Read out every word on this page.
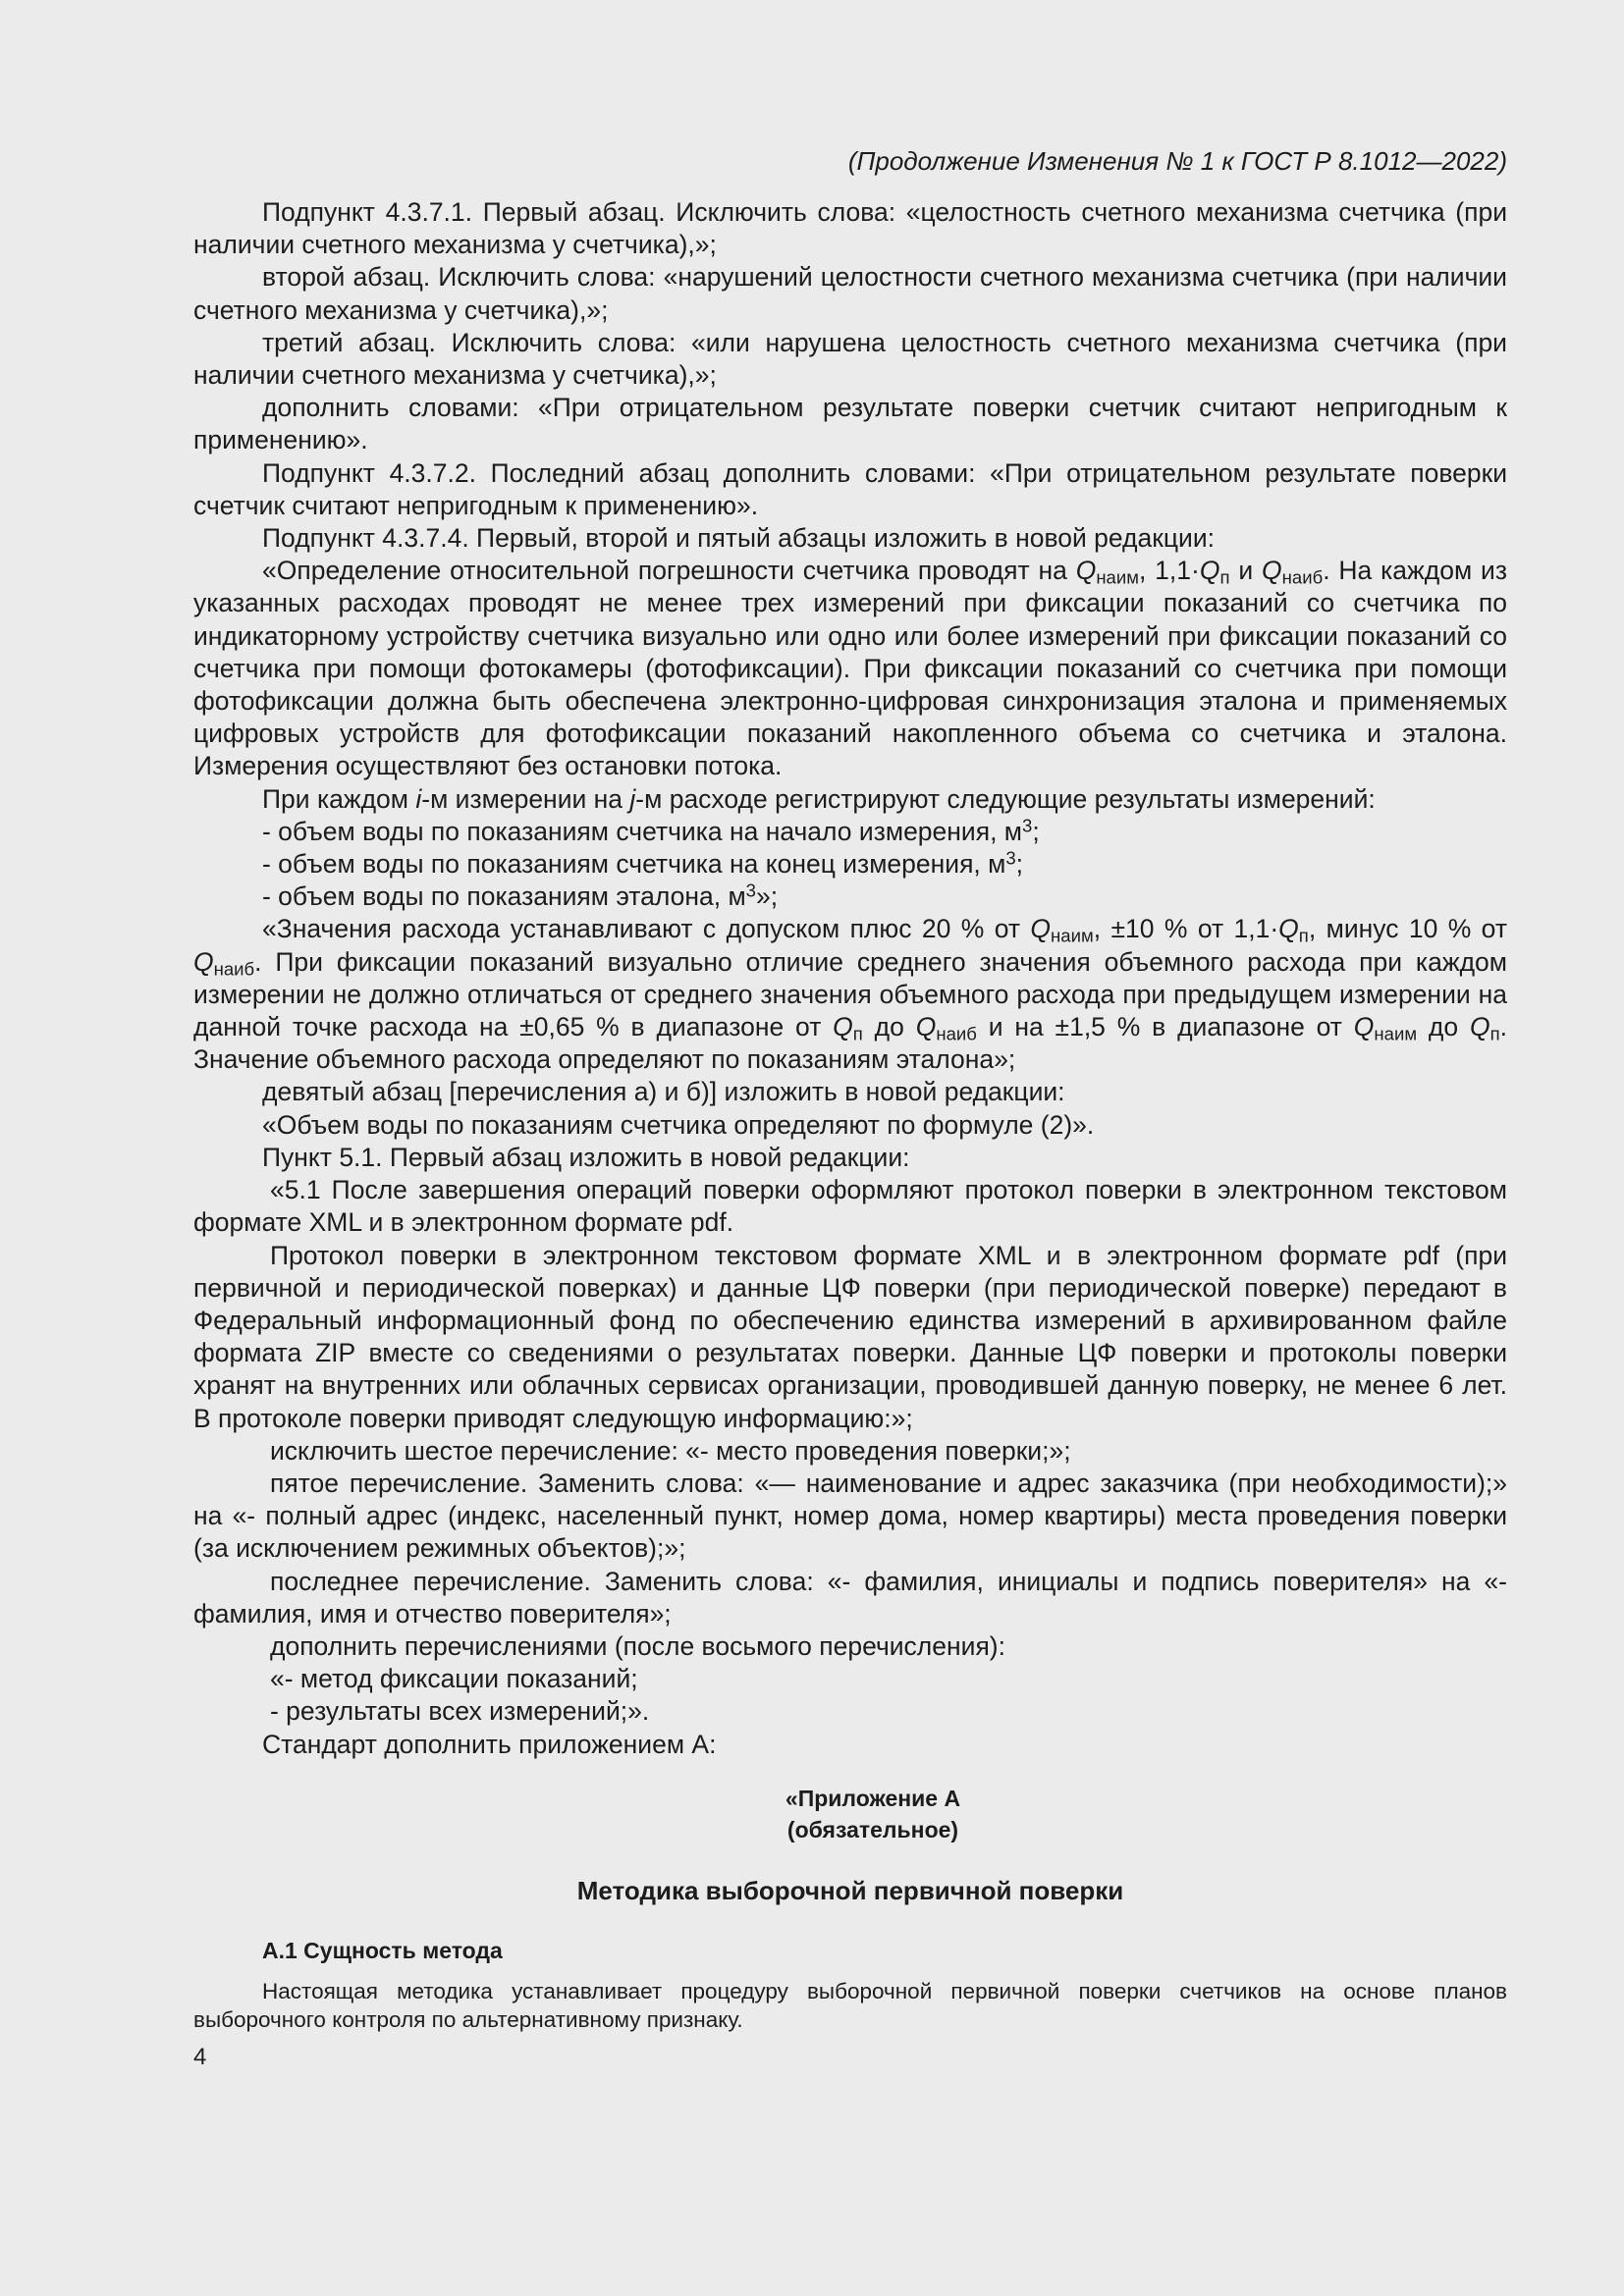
(Продолжение Изменения № 1 к ГОСТ Р 8.1012—2022)

Подпункт 4.3.7.1. Первый абзац. Исключить слова: «целостность счетного механизма счетчика (при наличии счетного механизма у счетчика),»;

второй абзац. Исключить слова: «нарушений целостности счетного механизма счетчика (при наличии счетного механизма у счетчика),»;

третий абзац. Исключить слова: «или нарушена целостность счетного механизма счетчика (при наличии счетного механизма у счетчика),»;

дополнить словами: «При отрицательном результате поверки счетчик считают непригодным к применению».

Подпункт 4.3.7.2. Последний абзац дополнить словами: «При отрицательном результате поверки счетчик считают непригодным к применению».

Подпункт 4.3.7.4. Первый, второй и пятый абзацы изложить в новой редакции:

«Определение относительной погрешности счетчика проводят на $Q_{наим}$, $1,1\cdot Q_п$ и $Q_{наиб}$. На каждом из указанных расходах проводят не менее трех измерений при фиксации показаний со счетчика по индикаторному устройству счетчика визуально или одно или более измерений при фиксации показаний со счетчика при помощи фотокамеры (фотофиксации). При фиксации показаний со счетчика при помощи фотофиксации должна быть обеспечена электронно-цифровая синхронизация эталона и применяемых цифровых устройств для фотофиксации показаний накопленного объема со счетчика и эталона. Измерения осуществляют без остановки потока.

При каждом i-м измерении на j-м расходе регистрируют следующие результаты измерений:

- объем воды по показаниям счетчика на начало измерения, $м^3$;

- объем воды по показаниям счетчика на конец измерения, $м^3$;

- объем воды по показаниям эталона, $м^3$»;

«Значения расхода устанавливают с допуском плюс 20 % от $Q_{наим}$, ±10 % от $1,1\cdot Q_п$, минус 10 % от $Q_{наиб}$. При фиксации показаний визуально отличие среднего значения объемного расхода при каждом измерении не должно отличаться от среднего значения объемного расхода при предыдущем измерении на данной точке расхода на ±0,65 % в диапазоне от $Q_п$ до $Q_{наиб}$ и на ±1,5 % в диапазоне от $Q_{наим}$ до $Q_п$. Значение объемного расхода определяют по показаниям эталона»;

девятый абзац [перечисления а) и б)] изложить в новой редакции:

«Объем воды по показаниям счетчика определяют по формуле (2)».

Пункт 5.1. Первый абзац изложить в новой редакции:

«5.1 После завершения операций поверки оформляют протокол поверки в электронном текстовом формате XML и в электронном формате pdf.

Протокол поверки в электронном текстовом формате XML и в электронном формате pdf (при первичной и периодической поверках) и данные ЦФ поверки (при периодической поверке) передают в Федеральный информационный фонд по обеспечению единства измерений в архивированном файле формата ZIP вместе со сведениями о результатах поверки. Данные ЦФ поверки и протоколы поверки хранят на внутренних или облачных сервисах организации, проводившей данную поверку, не менее 6 лет. В протоколе поверки приводят следующую информацию:»;

исключить шестое перечисление: «- место проведения поверки;»;

пятое перечисление. Заменить слова: «— наименование и адрес заказчика (при необходимости);» на «- полный адрес (индекс, населенный пункт, номер дома, номер квартиры) места проведения поверки (за исключением режимных объектов);»;

последнее перечисление. Заменить слова: «- фамилия, инициалы и подпись поверителя» на «- фамилия, имя и отчество поверителя»;

дополнить перечислениями (после восьмого перечисления):

«- метод фиксации показаний;

- результаты всех измерений;».

Стандарт дополнить приложением А:

«Приложение А
(обязательное)
Методика выборочной первичной поверки
А.1 Сущность метода

Настоящая методика устанавливает процедуру выборочной первичной поверки счетчиков на основе планов выборочного контроля по альтернативному признаку.

4
